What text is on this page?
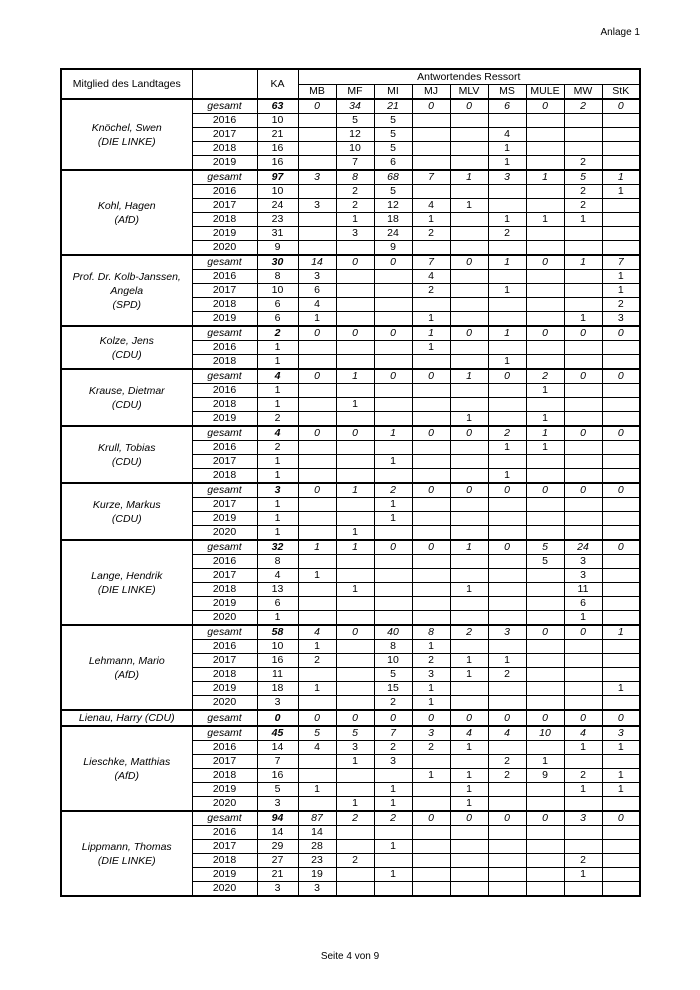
Anlage 1
Mitglied des Landtages		KA	Antwortendes Ressort								
			MB	MF	MI	MJ	MLV	MS	MULE	MW	StK
Knöchel, Swen
(DIE LINKE)	gesamt	63	0	34	21	0	0	6	0	2	0
	2016	10		5	5						
	2017	21		12	5			4			
	2018	16		10	5			1			
	2019	16		7	6			1		2	
Kohl, Hagen
(AfD)	gesamt	97	3	8	68	7	1	3	1	5	1
	2016	10		2	5					2	1
	2017	24	3	2	12	4	1			2	
	2018	23		1	18	1		1	1	1	
	2019	31		3	24	2		2			
	2020	9			9						
Prof. Dr. Kolb-Janssen,
Angela
(SPD)	gesamt	30	14	0	0	7	0	1	0	1	7
	2016	8	3			4					1
	2017	10	6			2		1			1
	2018	6	4								2
	2019	6	1			1				1	3
Kolze, Jens
(CDU)	gesamt	2	0	0	0	1	0	1	0	0	0
	2016	1				1					
	2018	1						1			
Krause, Dietmar
(CDU)	gesamt	4	0	1	0	0	1	0	2	0	0
	2016	1							1		
	2018	1		1							
	2019	2					1		1		
Krull, Tobias
(CDU)	gesamt	4	0	0	1	0	0	2	1	0	0
	2016	2						1	1		
	2017	1			1						
	2018	1						1			
Kurze, Markus
(CDU)	gesamt	3	0	1	2	0	0	0	0	0	0
	2017	1			1						
	2019	1			1						
	2020	1		1							
Lange, Hendrik
(DIE LINKE)	gesamt	32	1	1	0	0	1	0	5	24	0
	2016	8							5	3	
	2017	4	1							3	
	2018	13		1			1			11	
	2019	6								6	
	2020	1								1	
Lehmann, Mario
(AfD)	gesamt	58	4	0	40	8	2	3	0	0	1
	2016	10	1		8	1					
	2017	16	2		10	2	1	1			
	2018	11			5	3	1	2			
	2019	18	1		15	1					1
	2020	3			2	1					
Lienau, Harry (CDU)	gesamt	0	0	0	0	0	0	0	0	0	0
Lieschke, Matthias
(AfD)	gesamt	45	5	5	7	3	4	4	10	4	3
	2016	14	4	3	2	2	1			1	1
	2017	7		1	3			2	1		
	2018	16				1	1	2	9	2	1
	2019	5	1		1		1			1	1
	2020	3		1	1		1				
Lippmann, Thomas
(DIE LINKE)	gesamt	94	87	2	2	0	0	0	0	3	0
	2016	14	14								
	2017	29	28		1						
	2018	27	23	2						2	
	2019	21	19		1					1	
	2020	3	3								
Seite 4 von 9
